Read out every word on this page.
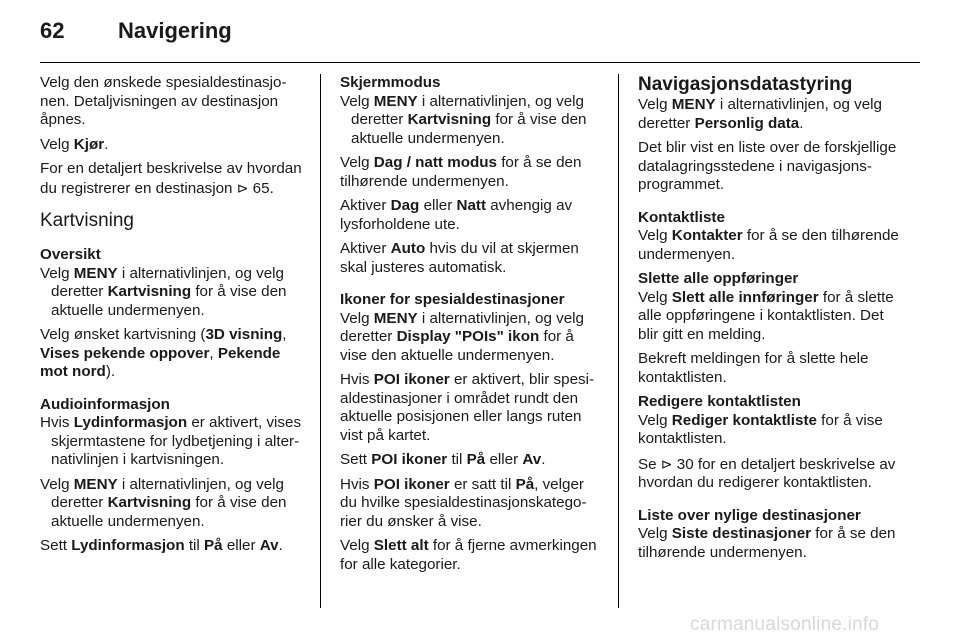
62 Navigering

Velg den ønskede spesialdestinasjonen. Detaljvisningen av destinasjon åpnes.

Velg Kjør.

For en detaljert beskrivelse av hvordan du registrerer en destinasjon ⊳ 65.

Kartvisning

Oversikt

Velg MENY i alternativlinjen, og velg deretter Kartvisning for å vise den aktuelle undermenyen.

Velg ønsket kartvisning (3D visning, Vises pekende oppover, Pekende mot nord).

Audioinformasjon

Hvis Lydinformasjon er aktivert, vises skjermtastene for lydbetjening i alternativlinjen i kartvisningen.

Velg MENY i alternativlinjen, og velg deretter Kartvisning for å vise den aktuelle undermenyen.

Sett Lydinformasjon til På eller Av.

Skjermmodus

Velg MENY i alternativlinjen, og velg deretter Kartvisning for å vise den aktuelle undermenyen.

Velg Dag / natt modus for å se den tilhørende undermenyen.

Aktiver Dag eller Natt avhengig av lysforholdene ute.

Aktiver Auto hvis du vil at skjermen skal justeres automatisk.

Ikoner for spesialdestinasjoner

Velg MENY i alternativlinjen, og velg deretter Display "POIs" ikon for å vise den aktuelle undermenyen.

Hvis POI ikoner er aktivert, blir spesialdestinasjoner i området rundt den aktuelle posisjonen eller langs ruten vist på kartet.

Sett POI ikoner til På eller Av.

Hvis POI ikoner er satt til På, velger du hvilke spesialdestinasjonskategorier du ønsker å vise.

Velg Slett alt for å fjerne avmerkingen for alle kategorier.

Navigasjonsdatastyring

Velg MENY i alternativlinjen, og velg deretter Personlig data.

Det blir vist en liste over de forskjellige datalagringsstedene i navigasjonsprogrammet.

Kontaktliste

Velg Kontakter for å se den tilhørende undermenyen.

Slette alle oppføringer

Velg Slett alle innføringer for å slette alle oppføringene i kontaktlisten. Det blir gitt en melding.

Bekreft meldingen for å slette hele kontaktlisten.

Redigere kontaktlisten

Velg Rediger kontaktliste for å vise kontaktlisten.

Se ⊳ 30 for en detaljert beskrivelse av hvordan du redigerer kontaktlisten.

Liste over nylige destinasjoner

Velg Siste destinasjoner for å se den tilhørende undermenyen.

carmanualsonline.info
